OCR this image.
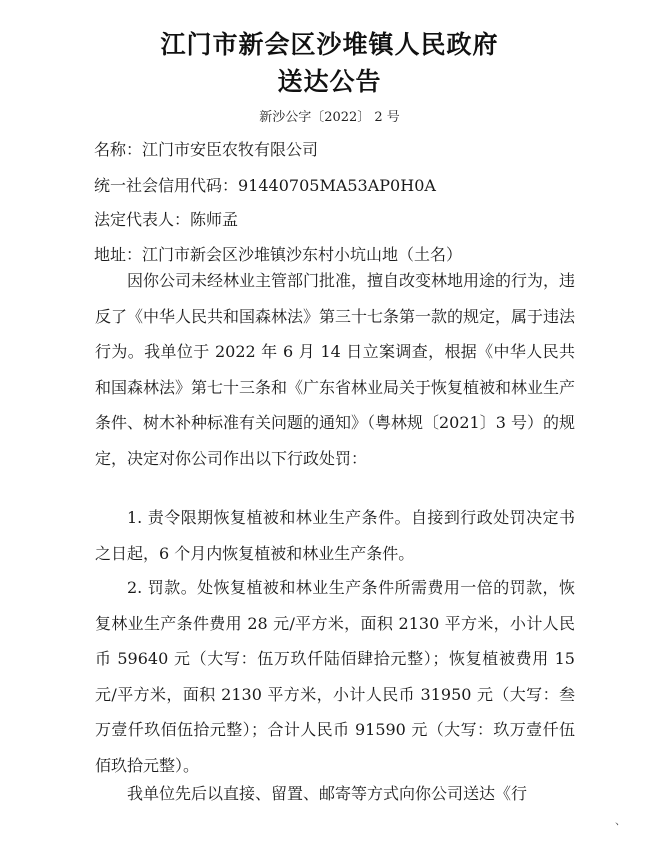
江门市新会区沙堆镇人民政府
送达公告
新沙公字〔2022〕 2 号
名称：江门市安臣农牧有限公司
统一社会信用代码：91440705MA53AP0H0A
法定代表人：陈师孟
地址：江门市新会区沙堆镇沙东村小坑山地（土名）
因你公司未经林业主管部门批准，擅自改变林地用途的行为，违反了《中华人民共和国森林法》第三十七条第一款的规定，属于违法行为。我单位于 2022 年 6 月 14 日立案调查，根据《中华人民共和国森林法》第七十三条和《广东省林业局关于恢复植被和林业生产条件、树木补种标准有关问题的通知》（粤林规〔2021〕3 号）的规定，决定对你公司作出以下行政处罚：
1. 责令限期恢复植被和林业生产条件。自接到行政处罚决定书之日起，6 个月内恢复植被和林业生产条件。
2. 罚款。处恢复植被和林业生产条件所需费用一倍的罚款，恢复林业生产条件费用 28 元/平方米，面积 2130 平方米，小计人民币 59640 元（大写：伍万玖仟陆佰肆拾元整）；恢复植被费用 15 元/平方米，面积 2130 平方米，小计人民币 31950 元（大写：叁万壹仟玖佰伍拾元整）；合计人民币 91590 元（大写：玖万壹仟伍佰玖拾元整）。
我单位先后以直接、留置、邮寄等方式向你公司送达《行
、
